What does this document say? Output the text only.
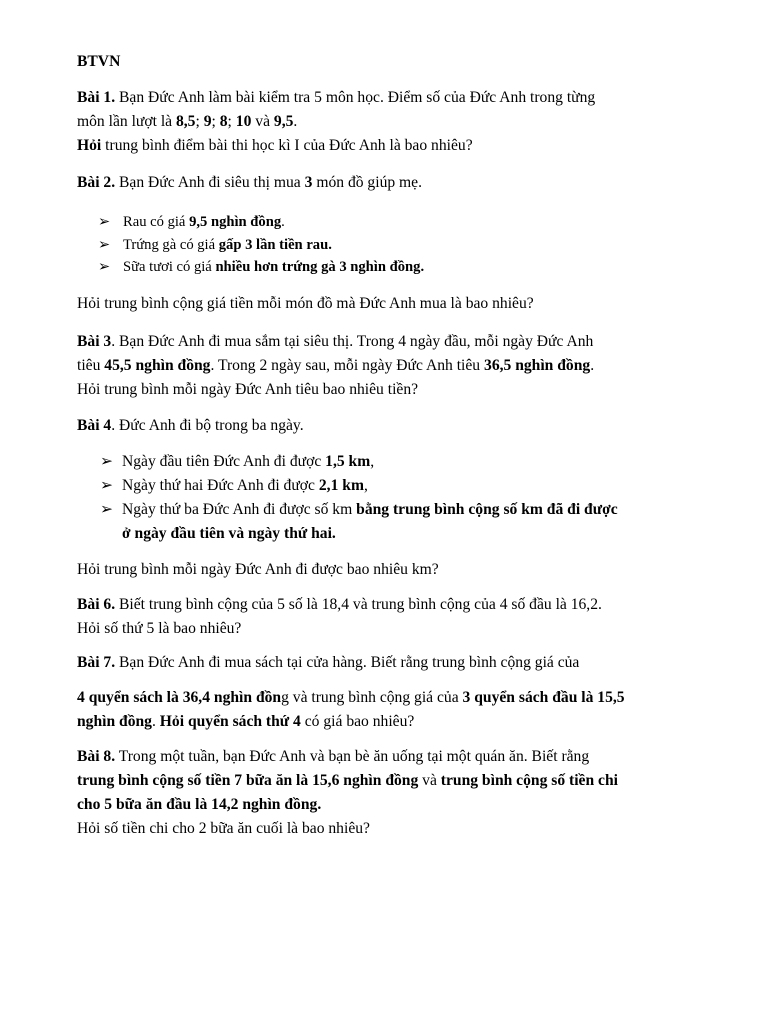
BTVN
Bài 1. Bạn Đức Anh làm bài kiểm tra 5 môn học. Điểm số của Đức Anh trong từng
môn lần lượt là 8,5; 9; 8; 10 và 9,5.
Hỏi trung bình điểm bài thi học kì I của Đức Anh là bao nhiêu?
Bài 2. Bạn Đức Anh đi siêu thị mua 3 món đồ giúp mẹ.
➢ Rau có giá 9,5 nghìn đồng.
➢ Trứng gà có giá gấp 3 lần tiền rau.
➢ Sữa tươi có giá nhiều hơn trứng gà 3 nghìn đồng.
Hỏi trung bình cộng giá tiền mỗi món đồ mà Đức Anh mua là bao nhiêu?
Bài 3. Bạn Đức Anh đi mua sắm tại siêu thị. Trong 4 ngày đầu, mỗi ngày Đức Anh
tiêu 45,5 nghìn đồng. Trong 2 ngày sau, mỗi ngày Đức Anh tiêu 36,5 nghìn đồng.
Hỏi trung bình mỗi ngày Đức Anh tiêu bao nhiêu tiền?
Bài 4. Đức Anh đi bộ trong ba ngày.
➢ Ngày đầu tiên Đức Anh đi được 1,5 km,
➢ Ngày thứ hai Đức Anh đi được 2,1 km,
➢ Ngày thứ ba Đức Anh đi được số km bằng trung bình cộng số km đã đi được
ở ngày đầu tiên và ngày thứ hai.
Hỏi trung bình mỗi ngày Đức Anh đi được bao nhiêu km?
Bài 6. Biết trung bình cộng của 5 số là 18,4 và trung bình cộng của 4 số đầu là 16,2.
Hỏi số thứ 5 là bao nhiêu?
Bài 7. Bạn Đức Anh đi mua sách tại cửa hàng. Biết rằng trung bình cộng giá của
4 quyển sách là 36,4 nghìn đồng và trung bình cộng giá của 3 quyển sách đầu là 15,5
nghìn đồng. Hỏi quyển sách thứ 4 có giá bao nhiêu?
Bài 8. Trong một tuần, bạn Đức Anh và bạn bè ăn uống tại một quán ăn. Biết rằng
trung bình cộng số tiền 7 bữa ăn là 15,6 nghìn đồng và trung bình cộng số tiền chi
cho 5 bữa ăn đầu là 14,2 nghìn đồng.
Hỏi số tiền chi cho 2 bữa ăn cuối là bao nhiêu?
